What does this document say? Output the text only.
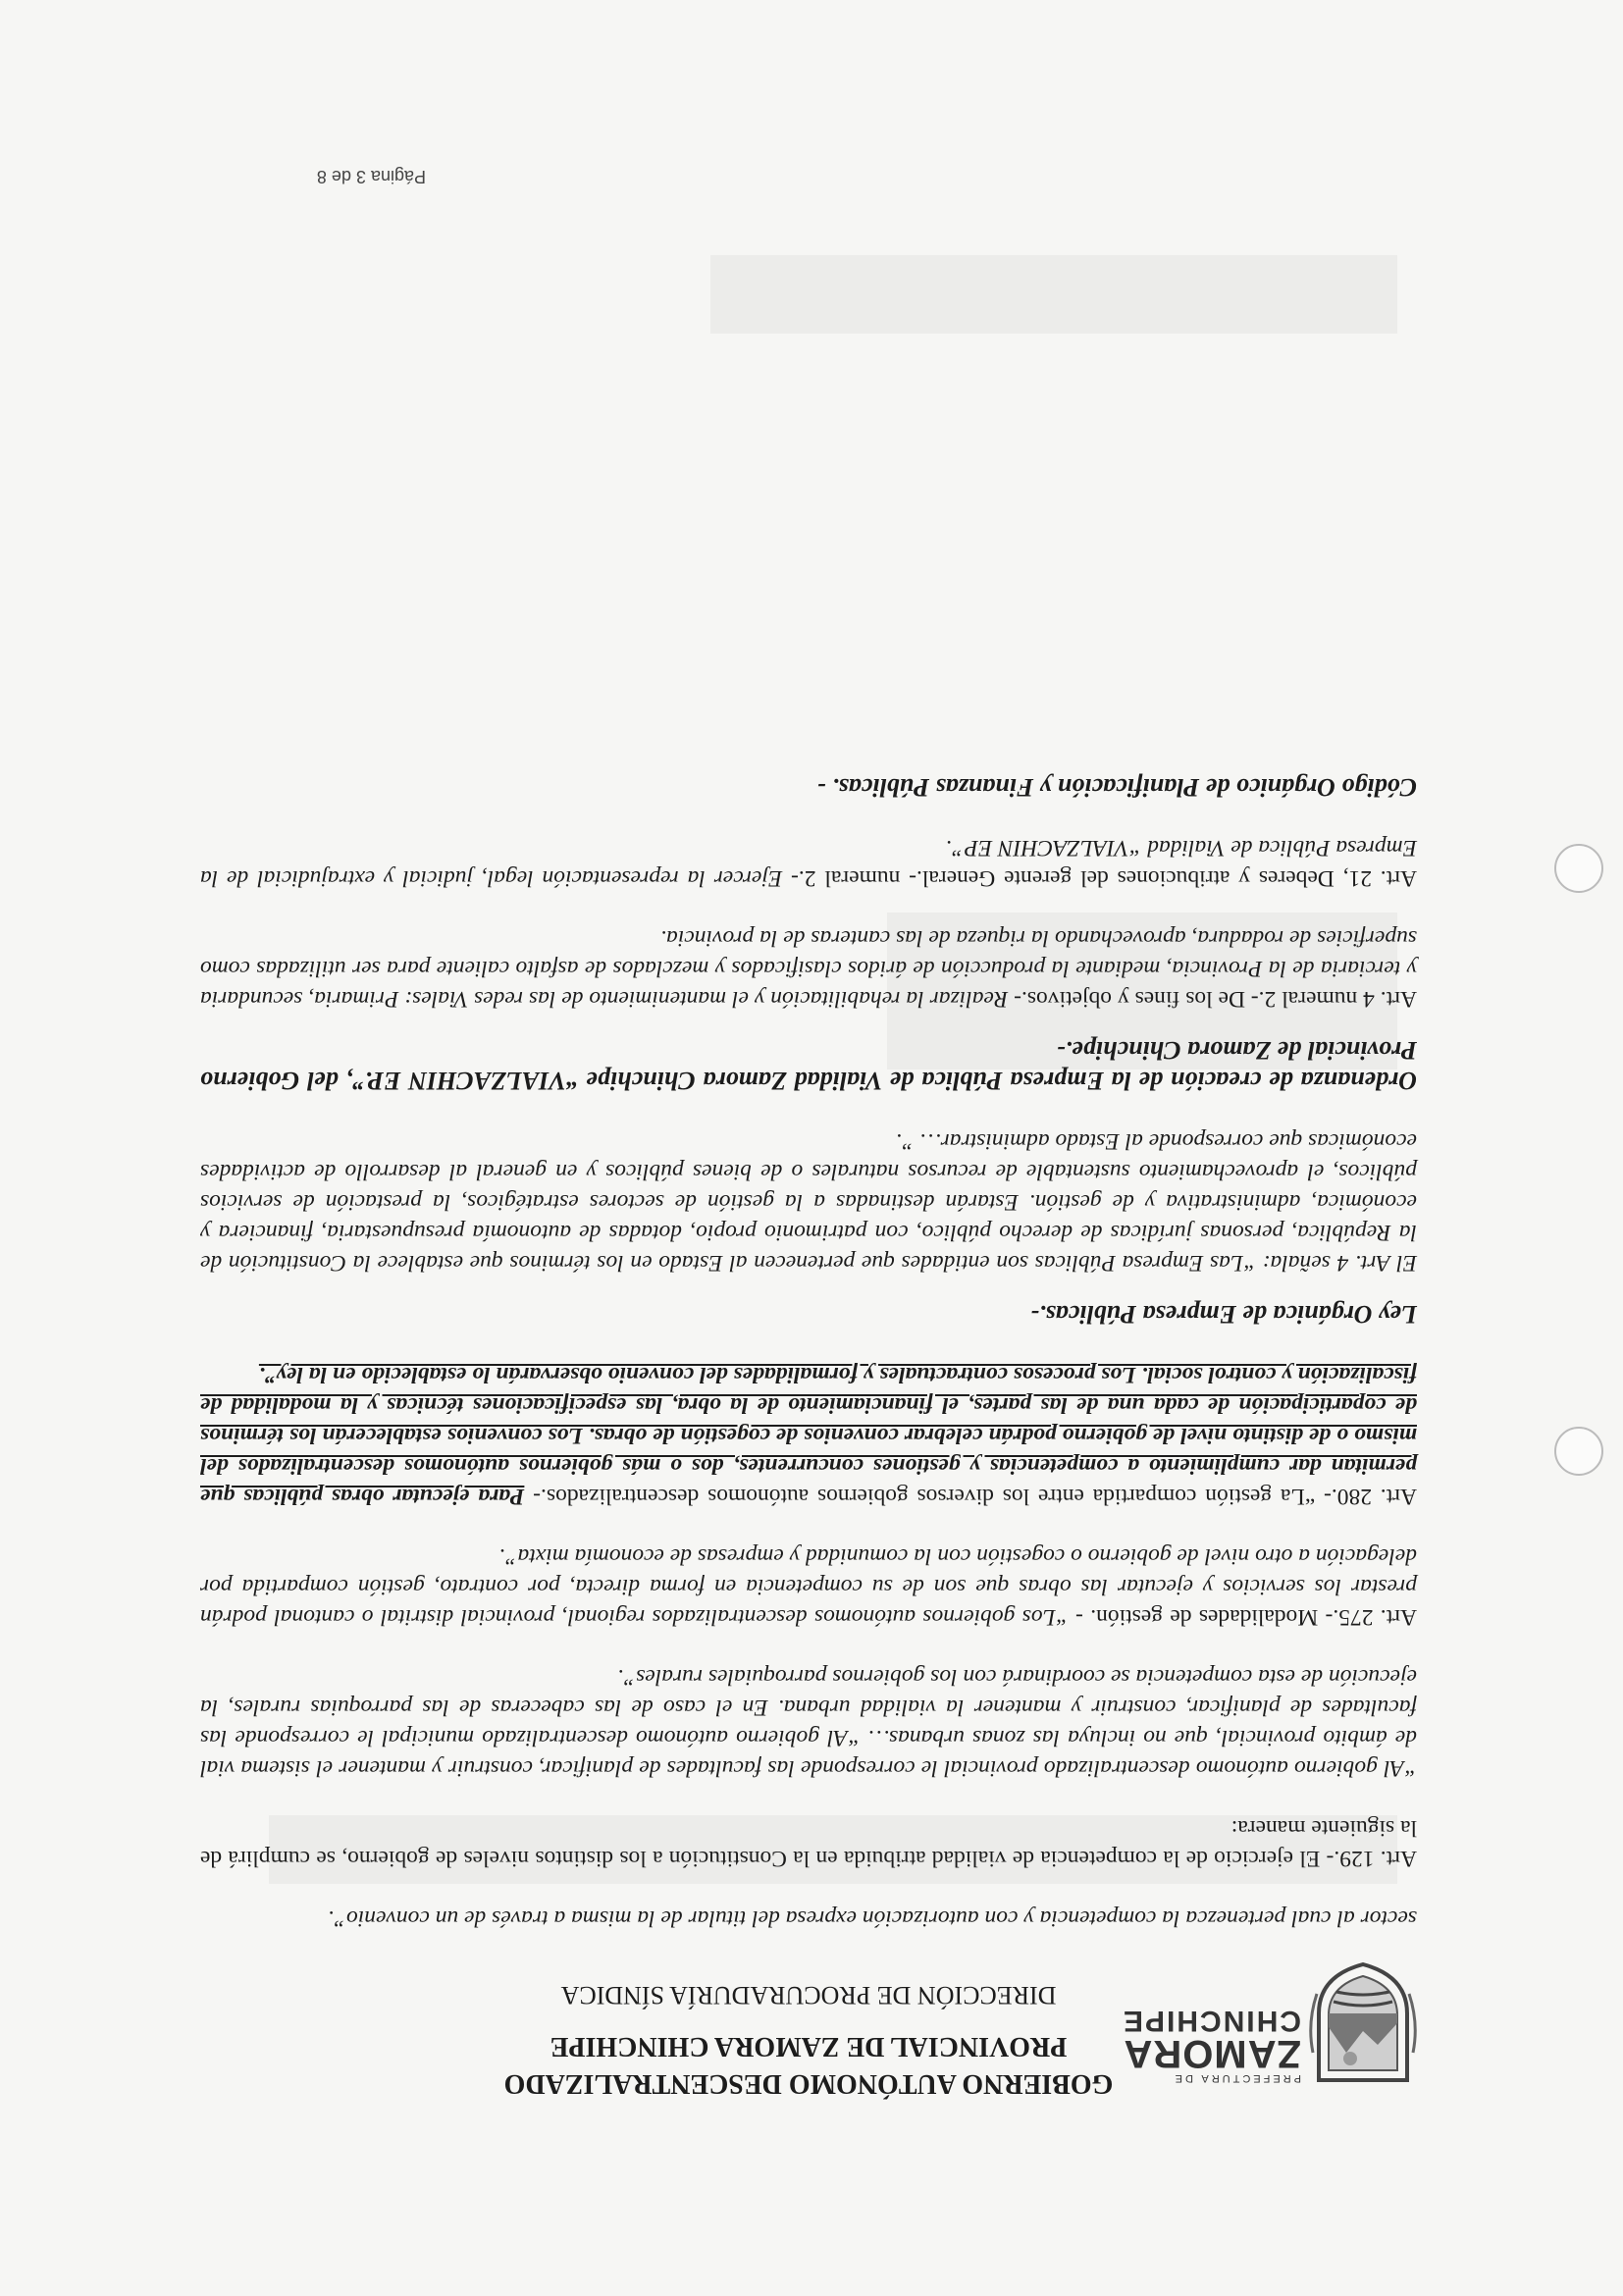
PREFECTURA DE
ZAMORA
CHINCHIPE
GOBIERNO AUTÓNOMO DESCENTRALIZADO
PROVINCIAL DE ZAMORA CHINCHIPE
DIRECCIÓN DE PROCURADURÍA SÍNDICA

sector al cual pertenezca la competencia y con autorización expresa del titular de la misma a través de un convenio”.

Art. 129.- El ejercicio de la competencia de vialidad atribuida en la Constitución a los distintos niveles de gobierno, se cumplirá de la siguiente manera:

“Al gobierno autónomo descentralizado provincial le corresponde las facultades de planificar, construir y mantener el sistema vial de ámbito provincial, que no incluya las zonas urbanas… “Al gobierno autónomo descentralizado municipal le corresponde las facultades de planificar, construir y mantener la vialidad urbana. En el caso de las cabeceras de las parroquias rurales, la ejecución de esta competencia se coordinará con los gobiernos parroquiales rurales”.

Art. 275.- Modalidades de gestión. - “Los gobiernos autónomos descentralizados regional, provincial distrital o cantonal podrán prestar los servicios y ejecutar las obras que son de su competencia en forma directa, por contrato, gestión compartida por delegación a otro nivel de gobierno o cogestión con la comunidad y empresas de economía mixta”.

Art. 280.- “La gestión compartida entre los diversos gobiernos autónomos descentralizados.- Para ejecutar obras públicas que permitan dar cumplimiento a competencias y gestiones concurrentes, dos o más gobiernos autónomos descentralizados del mismo o de distinto nivel de gobierno podrán celebrar convenios de cogestión de obras. Los convenios establecerán los términos de coparticipación de cada una de las partes, el financiamiento de la obra, las especificaciones técnicas y la modalidad de fiscalización y control social. Los procesos contractuales y formalidades del convenio observarán lo establecido en la ley”.

Ley Orgánica de Empresa Públicas.-

El Art. 4 señala: “Las Empresa Públicas son entidades que pertenecen al Estado en los términos que establece la Constitución de la República, personas jurídicas de derecho público, con patrimonio propio, dotadas de autonomía presupuestaria, financiera y económica, administrativa y de gestión. Estarán destinadas a la gestión de sectores estratégicos, la prestación de servicios públicos, el aprovechamiento sustentable de recursos naturales o de bienes públicos y en general al desarrollo de actividades económicas que corresponde al Estado administrar… ”.

Ordenanza de creación de la Empresa Pública de Vialidad Zamora Chinchipe “VIALZACHIN EP.”, del Gobierno Provincial de Zamora Chinchipe.-

Art. 4 numeral 2.- De los fines y objetivos.- Realizar la rehabilitación y el mantenimiento de las redes Viales: Primaria, secundaria y terciaria de la Provincia, mediante la producción de áridos clasificados y mezclados de asfalto caliente para ser utilizadas como superficies de rodadura, aprovechando la riqueza de las canteras de la provincia.

Art. 21, Deberes y atribuciones del gerente General.- numeral 2.- Ejercer la representación legal, judicial y extrajudicial de la Empresa Pública de Vialidad “VIALZACHIN EP”.

Código Orgánico de Planificación y Finanzas Públicas. -

Página 3 de 8
